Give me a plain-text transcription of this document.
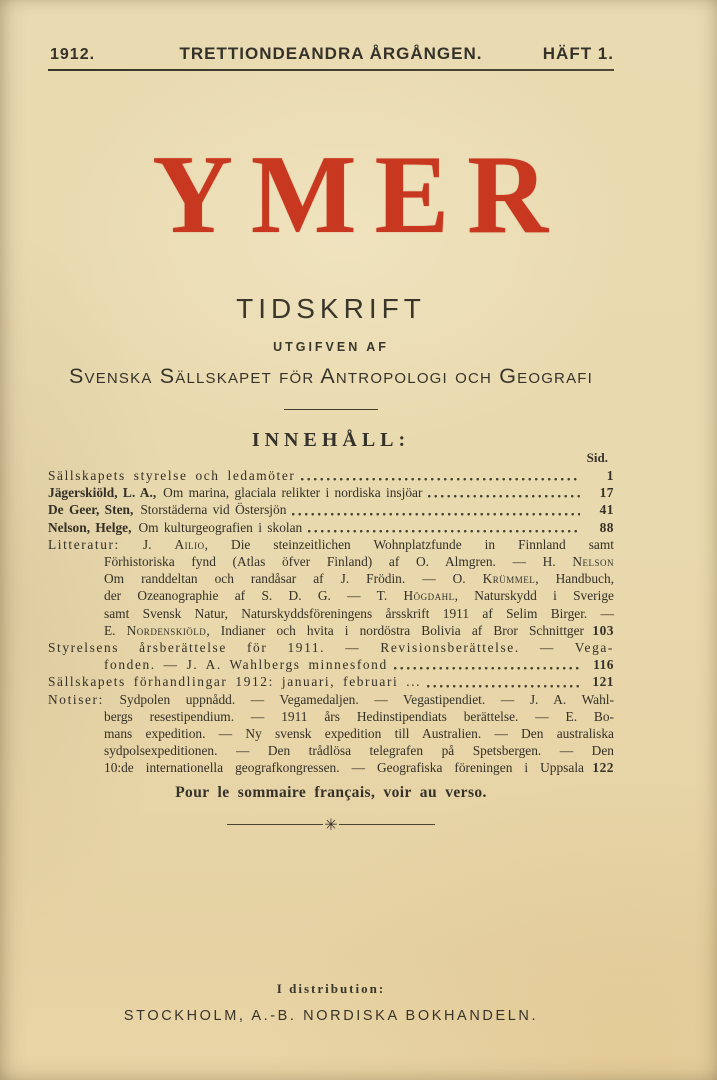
1912.	TRETTIONDEANDRA ÅRGÅNGEN.	HÄFT 1.
YMER
TIDSKRIFT
UTGIFVEN AF
Svenska Sällskapet för Antropologi och Geografi
INNEHÅLL:
Sid.
Sällskapets styrelse och ledamöter	1
Jägerskiöld, L. A., Om marina, glaciala relikter i nordiska insjöar	17
De Geer, Sten, Storstäderna vid Östersjön	41
Nelson, Helge, Om kulturgeografien i skolan	88
Litteratur: J. Ailio, Die steinzeitlichen Wohnplatzfunde in Finnland samt
Förhistoriska fynd (Atlas öfver Finland) af O. Almgren. — H. Nelson
Om randdeltan och randåsar af J. Frödin. — O. Krümmel, Handbuch,
der Ozeanographie af S. D. G. — T. Högdahl, Naturskydd i Sverige
samt Svensk Natur, Naturskyddsföreningens årsskrift 1911 af Selim Birger. —
E. Nordenskiöld, Indianer och hvita i nordöstra Bolivia af Bror Schnittger 103
Styrelsens årsberättelse för 1911. — Revisionsberättelse. — Vega-
fonden. — J. A. Wahlbergs minnesfond	116
Sällskapets förhandlingar 1912: januari, februari ...	121
Notiser: Sydpolen uppnådd. — Vegamedaljen. — Vegastipendiet. — J. A. Wahl-
bergs resestipendium. — 1911 års Hedinstipendiats berättelse. — E. Bo-
mans expedition. — Ny svensk expedition till Australien. — Den australiska
sydpolsexpeditionen. — Den trådlösa telegrafen på Spetsbergen. — Den
10:de internationella geografkongressen. — Geografiska föreningen i Uppsala 122
Pour le sommaire français, voir au verso.
✳
I distribution:
STOCKHOLM, A.-B. NORDISKA BOKHANDELN.
